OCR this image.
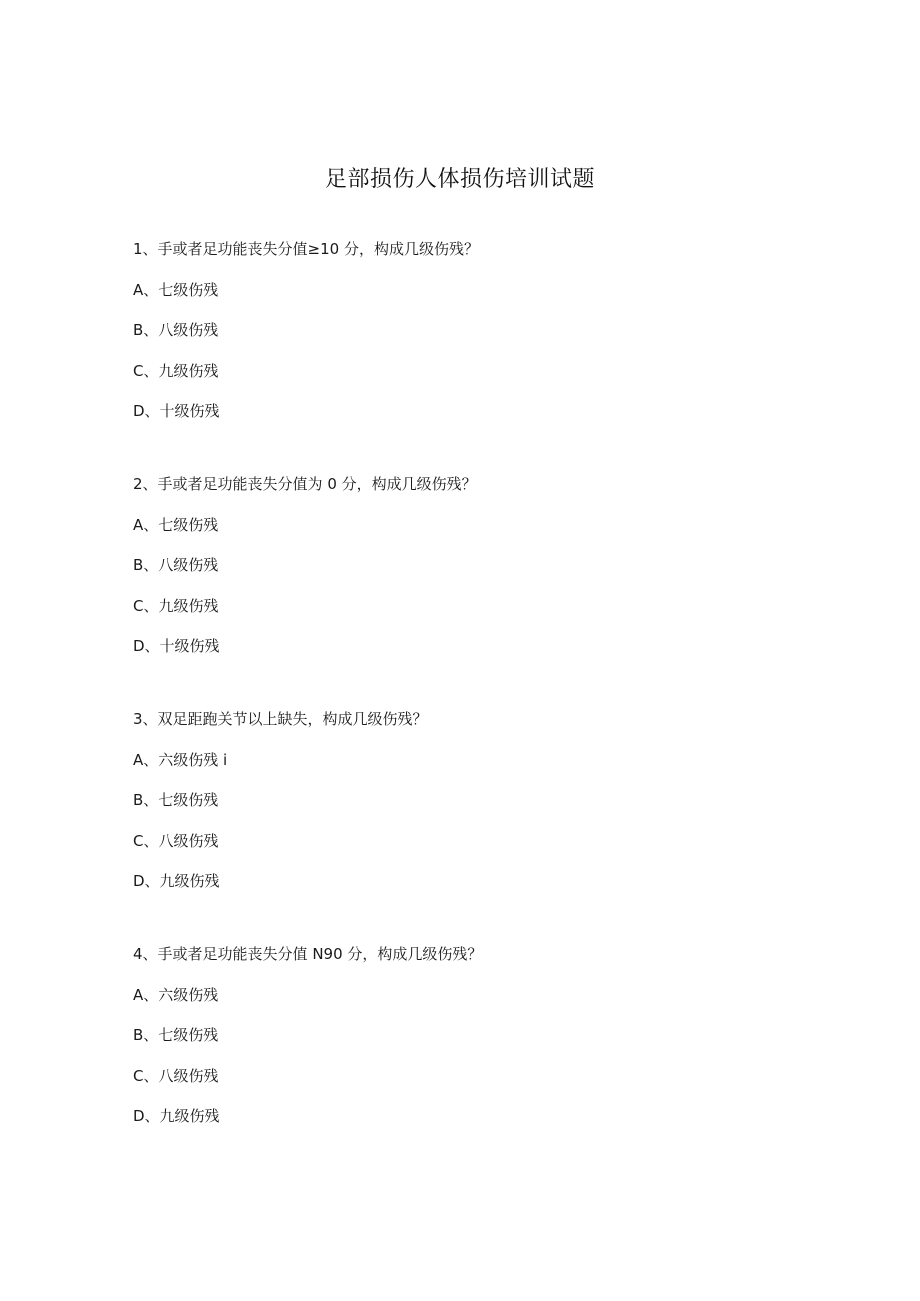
足部损伤人体损伤培训试题
1、手或者足功能丧失分值≥10 分，构成几级伤残？
A、七级伤残
B、八级伤残
C、九级伤残
D、十级伤残
2、手或者足功能丧失分值为 0 分，构成几级伤残？
A、七级伤残
B、八级伤残
C、九级伤残
D、十级伤残
3、双足距跑关节以上缺失，构成几级伤残？
A、六级伤残 i
B、七级伤残
C、八级伤残
D、九级伤残
4、手或者足功能丧失分值 N90 分，构成几级伤残？
A、六级伤残
B、七级伤残
C、八级伤残
D、九级伤残
